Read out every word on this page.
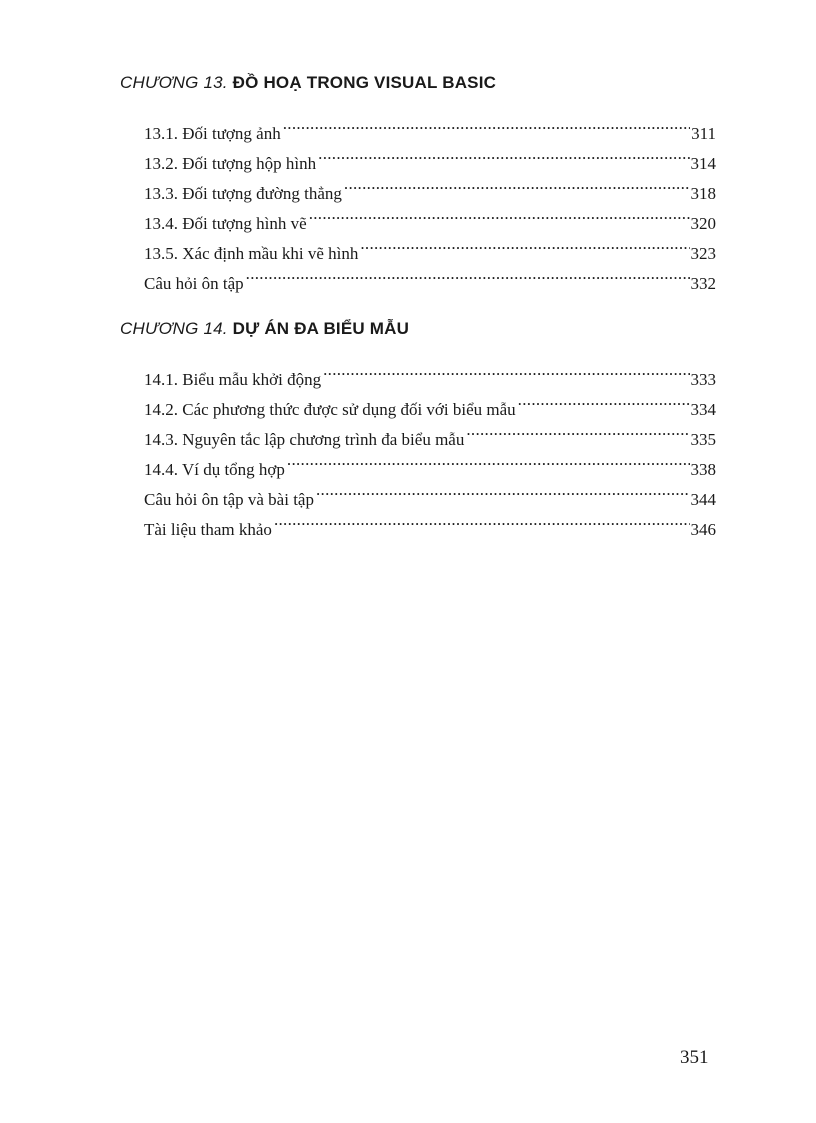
CHƯƠNG 13. ĐỒ HOẠ TRONG VISUAL BASIC
13.1. Đối tượng ảnh .....	311
13.2. Đối tượng hộp hình .....	314
13.3. Đối tượng đường thẳng .....	318
13.4. Đối tượng hình vẽ .....	320
13.5. Xác định mầu khi vẽ hình .....	323
Câu hỏi ôn tập .....	332
CHƯƠNG 14. DỰ ÁN ĐA BIỂU MẪU
14.1. Biểu mẫu khởi động .....	333
14.2. Các phương thức được sử dụng đối với biểu mẫu .....	334
14.3. Nguyên tắc lập chương trình đa biểu mẫu .....	335
14.4. Ví dụ tổng hợp .....	338
Câu hỏi ôn tập và bài tập .....	344
Tài liệu tham khảo .....	346
351
